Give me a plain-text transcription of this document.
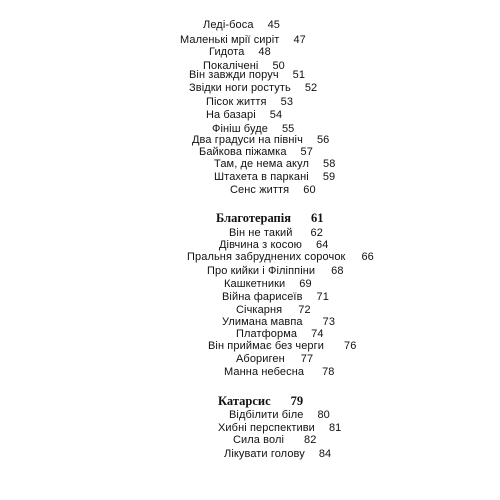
Леді-боса 45
Маленькі мрії сиріт 47
Гидота 48
Покалічені 50
Він завжди поруч 51
Звідки ноги ростуть 52
Пісок життя 53
На базарі 54
Фініш буде 55
Два градуси на північ 56
Байкова піжамка 57
Там, де нема акул 58
Штахета в паркані 59
Сенс життя 60
Благотерапія 61
Він не такий 62
Дівчина з косою 64
Пральня забруднених сорочок 66
Про кийки і Філіппіни 68
Кашкетники 69
Війна фарисеїв 71
Січкарня 72
Улимана мавпа 73
Платформа 74
Він приймає без черги 76
Абориген 77
Манна небесна 78
Катарсис 79
Відбілити біле 80
Хибні перспективи 81
Сила волі 82
Лікувати голову 84
